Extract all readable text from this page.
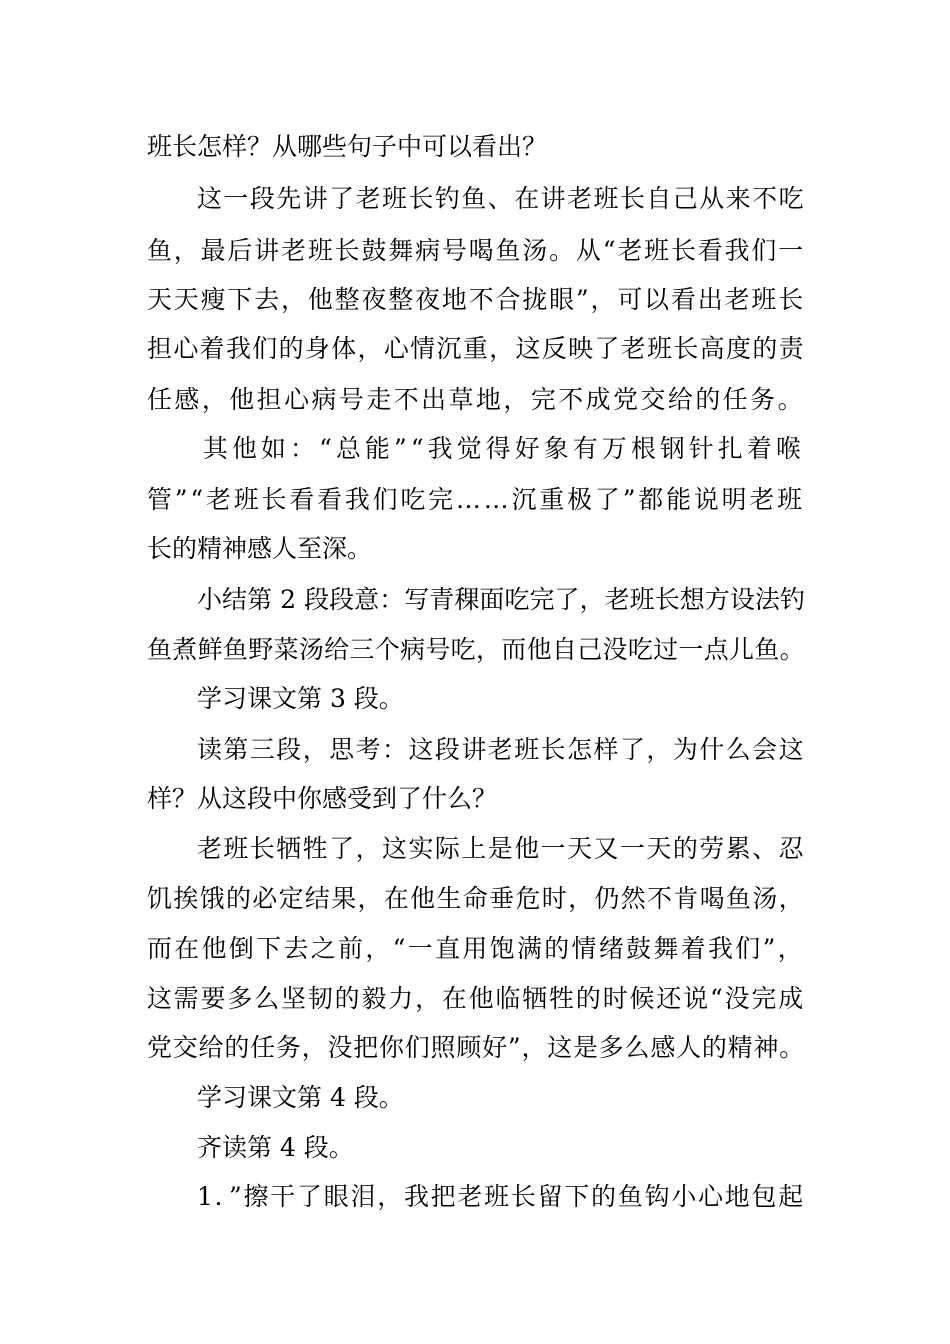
班长怎样？从哪些句子中可以看出？
这一段先讲了老班长钓鱼、在讲老班长自己从来不吃
鱼，最后讲老班长鼓舞病号喝鱼汤。从“老班长看我们一
天天瘦下去，他整夜整夜地不合拢眼”，可以看出老班长
担心着我们的身体，心情沉重，这反映了老班长高度的责
任感，他担心病号走不出草地，完不成党交给的任务。
其他如：“总能”“我觉得好象有万根钢针扎着喉
管”“老班长看看我们吃完……沉重极了”都能说明老班
长的精神感人至深。
小结第 2 段段意：写青稞面吃完了，老班长想方设法钓
鱼煮鲜鱼野菜汤给三个病号吃，而他自己没吃过一点儿鱼。
学习课文第 3 段。
读第三段，思考：这段讲老班长怎样了，为什么会这
样？从这段中你感受到了什么？
老班长牺牲了，这实际上是他一天又一天的劳累、忍
饥挨饿的必定结果，在他生命垂危时，仍然不肯喝鱼汤，
而在他倒下去之前，“一直用饱满的情绪鼓舞着我们”，
这需要多么坚韧的毅力，在他临牺牲的时候还说“没完成
党交给的任务，没把你们照顾好”，这是多么感人的精神。
学习课文第 4 段。
齐读第 4 段。
1．”擦干了眼泪，我把老班长留下的鱼钩小心地包起
